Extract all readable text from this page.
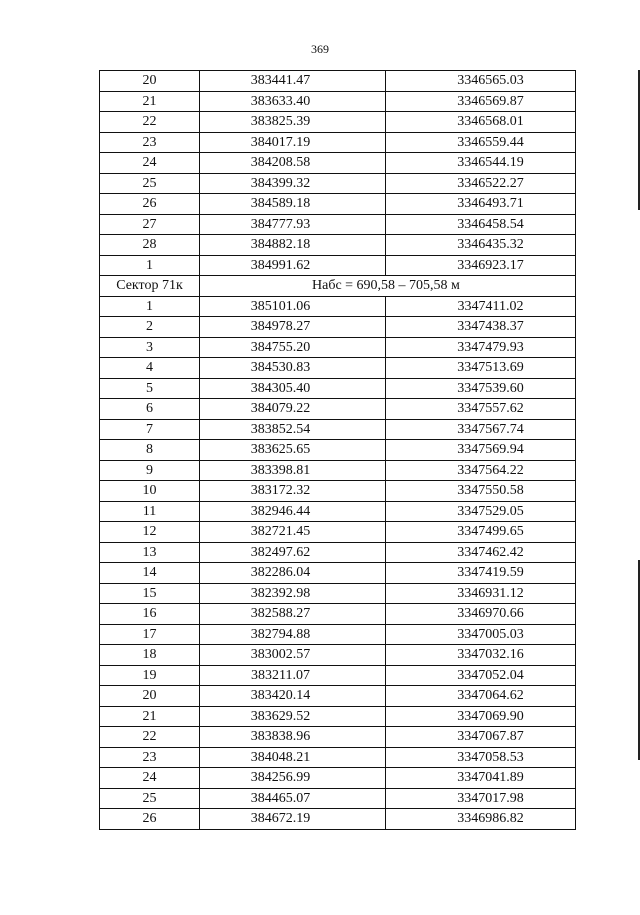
369
20	383441.47	3346565.03
21	383633.40	3346569.87
22	383825.39	3346568.01
23	384017.19	3346559.44
24	384208.58	3346544.19
25	384399.32	3346522.27
26	384589.18	3346493.71
27	384777.93	3346458.54
28	384882.18	3346435.32
1	384991.62	3346923.17
Сектор 71к	Набс = 690,58 – 705,58 м	
1	385101.06	3347411.02
2	384978.27	3347438.37
3	384755.20	3347479.93
4	384530.83	3347513.69
5	384305.40	3347539.60
6	384079.22	3347557.62
7	383852.54	3347567.74
8	383625.65	3347569.94
9	383398.81	3347564.22
10	383172.32	3347550.58
11	382946.44	3347529.05
12	382721.45	3347499.65
13	382497.62	3347462.42
14	382286.04	3347419.59
15	382392.98	3346931.12
16	382588.27	3346970.66
17	382794.88	3347005.03
18	383002.57	3347032.16
19	383211.07	3347052.04
20	383420.14	3347064.62
21	383629.52	3347069.90
22	383838.96	3347067.87
23	384048.21	3347058.53
24	384256.99	3347041.89
25	384465.07	3347017.98
26	384672.19	3346986.82
